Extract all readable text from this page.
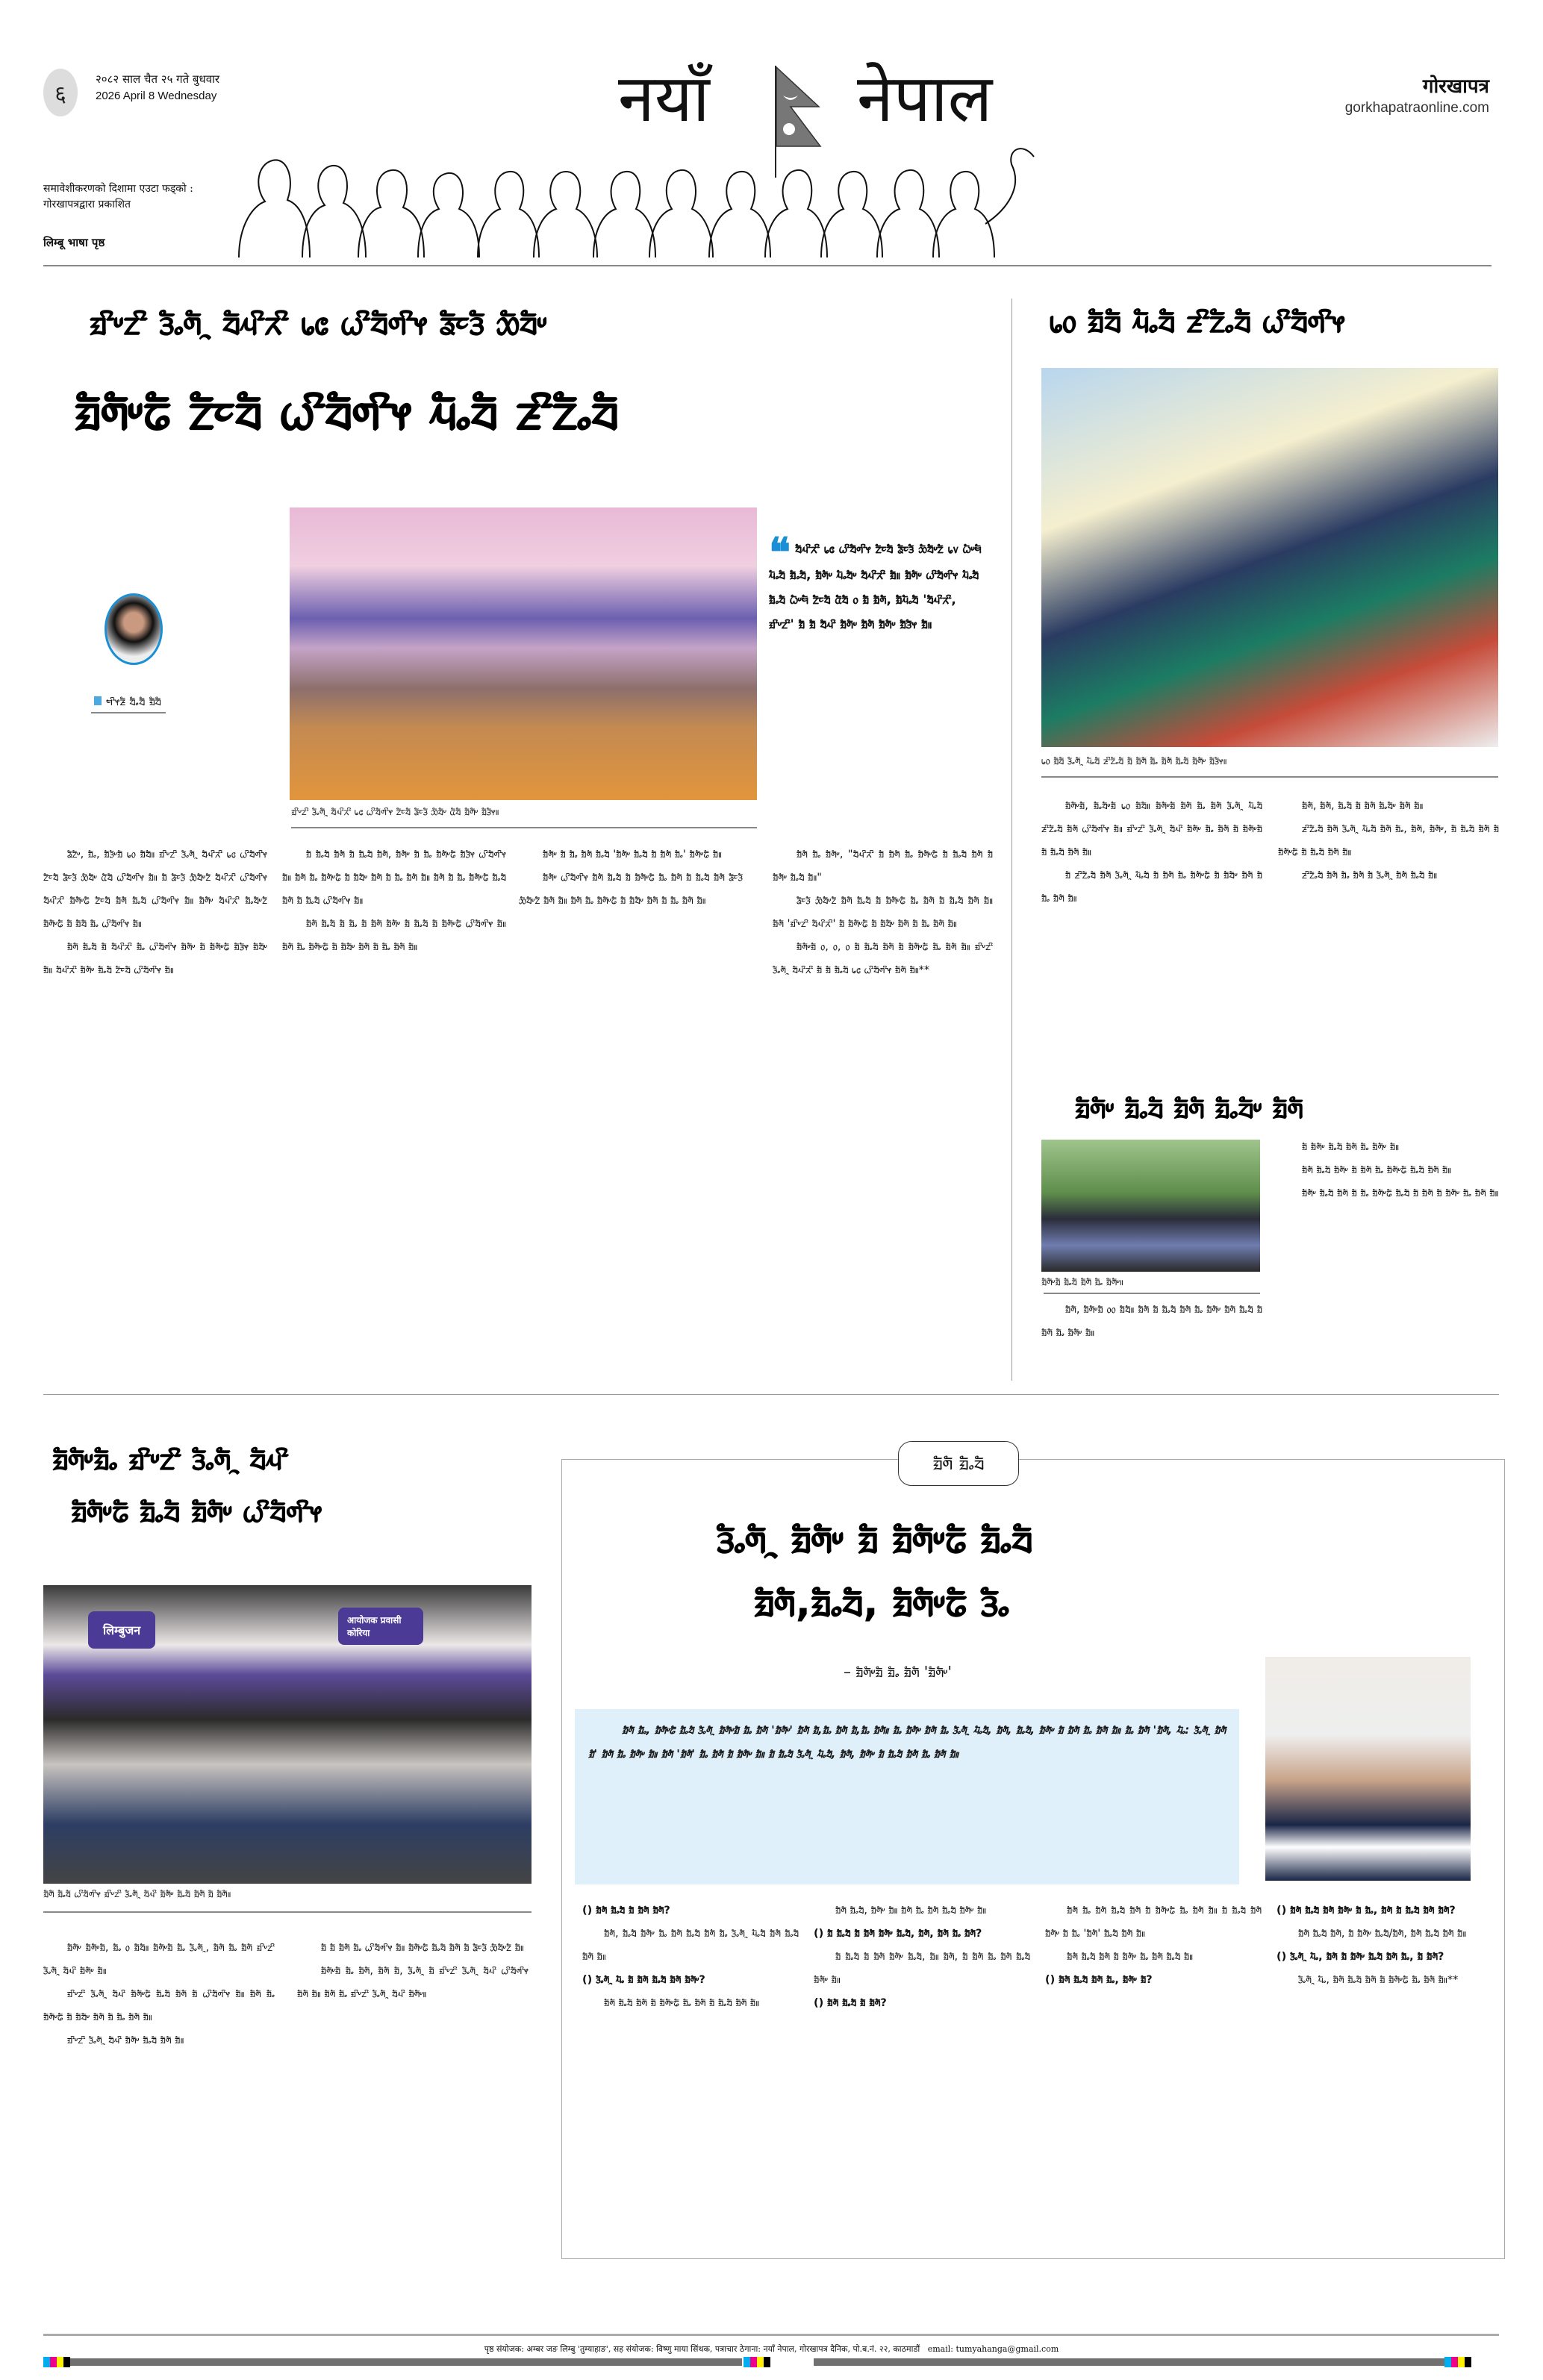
६
२०८२ साल चैत २५ गते बुधवार
2026 April 8 Wednesday
समावेशीकरणको दिशामा एउटा फड्को :
गोरखापत्रद्वारा प्रकाशित
लिम्बू भाषा पृष्ठ
नयाँ नेपाल	गोरखापत्र
gorkhapatraonline.com
ᤀᤡᤸᤁᤡ ᤋᤠᤱᤛᤠᤳ ᤔᤠᤘᤡᤖᤡ ᥇᥋ ᤐᤡᤔᤠᤛᤡᤶ ᤕᤠᤰᤋᤠ ᤑᤠᤔᤠᤸ
ᤀᤠᤛᤠᤸᤒᤠ ᤁᤠᤰᤔᤠ ᤐᤡᤔᤠᤛᤡᤶ ᤘᤠᤱᤔᤠ ᤏᤡᤁᤠᤱᤔᤠ
ᤗᤡᤶᤏᤠ ᤔᤠᤱᤔᤠ ᤀᤠᤔᤠ
ᤀᤡᤸᤁᤡ ᤋᤠᤱᤛᤠᤳ ᤔᤠᤘᤡᤖᤡ ᥇᥋ ᤐᤡᤔᤠᤛᤡᤶ ᤁᤠᤰᤔᤠ ᤕᤠᤰᤋᤠ ᤑᤠᤔᤠᤸ ᤂᤠᤔᤠ ᤀᤠᤛᤠᤸ ᤀᤠᤋᤠᤶ॥
❝ ᤔᤠᤘᤡᤖᤡ ᥇᥋ ᤐᤡᤔᤠᤛᤡᤶ ᤁᤠᤰᤔᤠ ᤕᤠᤰᤋᤠ ᤑᤠᤔᤠᤸᤁᤠ ᥇᥎ ᤐᤠᤸᤗᤠ ᤘᤠᤱᤔᤠ ᤀᤠᤱᤔᤠ, ᤀᤠᤛᤠᤸ ᤘᤠᤱᤔᤠᤸ ᤔᤠᤘᤡᤖᤡ ᤀᤠ॥ ᤀᤠᤛᤠᤸ ᤐᤡᤔᤠᤛᤡᤶ ᤘᤠᤱᤔᤠ ᤀᤠᤱᤔᤠ ᤐᤠᤸᤗᤠ ᤁᤠᤰᤔᤠ ᤂᤠᤔᤠ ᥆ ᤀᤠ ᤀᤠᤛᤠ, ᤀᤠᤘᤠᤱᤔᤠ 'ᤔᤠᤘᤡᤖᤡ, ᤀᤡᤸᤁᤡ' ᤀᤠ ᤀᤠ ᤔᤠᤘᤡ ᤀᤠᤛᤠᤸ ᤀᤠᤛᤠ ᤀᤠᤛᤠᤸ ᤀᤠᤋᤠᤶ ᤀᤠ॥

ᤕᤠᤁᤠᤸ, ᤀᤠᤱ, ᤀᤠᤋᤠᤸᤀᤠ ᥇᥆ ᤀᤠᤔᤠ॥ ᤀᤡᤸᤁᤡ ᤋᤠᤱᤛᤠᤳ ᤔᤠᤘᤡᤖᤡ ᥇᥋ ᤐᤡᤔᤠᤛᤡᤶ ᤁᤠᤰᤔᤠ ᤕᤠᤰᤋᤠ ᤑᤠᤔᤠᤸ ᤂᤠᤔᤠ ᤐᤡᤔᤠᤛᤡᤶ ᤀᤠ॥ ᤀᤠ ᤕᤠᤰᤋᤠ ᤑᤠᤔᤠᤸᤁᤠ ᤔᤠᤘᤡᤖᤡ ᤐᤡᤔᤠᤛᤡᤶ ᤔᤠᤘᤡᤖᤡ ᤀᤠᤛᤠᤸᤒᤠ ᤁᤠᤰᤔᤠ ᤀᤠᤛᤠ ᤀᤠᤱᤔᤠ ᤐᤡᤔᤠᤛᤡᤶ ᤀᤠ॥ ᤀᤠᤛᤠᤸ ᤔᤠᤘᤡᤖᤡ ᤀᤠᤱᤔᤠᤸᤁᤠ ᤀᤠᤛᤠᤸᤒᤠ ᤀᤠ ᤀᤠᤔᤠ ᤀᤠᤱ ᤐᤡᤔᤠᤛᤡᤶ ᤀᤠ॥

ᤀᤠᤛᤠ ᤀᤠᤱᤔᤠ ᤀᤠ ᤔᤠᤘᤡᤖᤡ ᤀᤠᤱ ᤐᤡᤔᤠᤛᤡᤶ ᤀᤠᤛᤠᤸ ᤀᤠ ᤀᤠᤛᤠᤸᤒᤠ ᤀᤠᤋᤠᤶ ᤀᤠᤔᤠᤸ ᤀᤠ॥ ᤔᤠᤘᤡᤖᤡ ᤀᤠᤛᤠᤸ ᤀᤠᤱᤔᤠ ᤁᤠᤰᤔᤠ ᤐᤡᤔᤠᤛᤡᤶ ᤀᤠ॥

ᤀᤠ ᤀᤠᤱᤔᤠ ᤀᤠᤛᤠ ᤀᤠ ᤀᤠᤱᤔᤠ ᤀᤠᤛᤠ, ᤀᤠᤛᤠᤸ ᤀᤠ ᤀᤠᤱ ᤀᤠᤛᤠᤸᤒᤠ ᤀᤠᤋᤠᤶ ᤐᤡᤔᤠᤛᤡᤶ ᤀᤠ॥ ᤀᤠᤛᤠ ᤀᤠᤱ ᤀᤠᤛᤠᤸᤒᤠ ᤀᤠ ᤀᤠᤔᤠᤸ ᤀᤠᤛᤠ ᤀᤠ ᤀᤠᤱ ᤀᤠᤛᤠ ᤀᤠ॥ ᤀᤠᤛᤠ ᤀᤠ ᤀᤠᤱ ᤀᤠᤛᤠᤸᤒᤠ ᤀᤠᤱᤔᤠ ᤀᤠᤛᤠ ᤀᤠ ᤀᤠᤱᤔᤠ ᤐᤡᤔᤠᤛᤡᤶ ᤀᤠ॥

ᤀᤠᤛᤠ ᤀᤠᤱᤔᤠ ᤀᤠ ᤀᤠᤱ ᤀᤠ ᤀᤠᤛᤠ ᤀᤠᤛᤠᤸ ᤀᤠ ᤀᤠᤱᤔᤠ ᤀᤠ ᤀᤠᤛᤠᤸᤒᤠ ᤐᤡᤔᤠᤛᤡᤶ ᤀᤠ॥ ᤀᤠᤛᤠ ᤀᤠᤱ ᤀᤠᤛᤠᤸᤒᤠ ᤀᤠ ᤀᤠᤔᤠᤸ ᤀᤠᤛᤠ ᤀᤠ ᤀᤠᤱ ᤀᤠᤛᤠ ᤀᤠ॥

ᤀᤠᤛᤠᤸ ᤀᤠ ᤀᤠᤱ ᤀᤠᤛᤠ ᤀᤠᤱᤔᤠ 'ᤀᤠᤛᤠᤸ ᤀᤠᤱᤔᤠ ᤀᤠ ᤀᤠᤛᤠ ᤀᤠᤱ' ᤀᤠᤛᤠᤸᤒᤠ ᤀᤠ॥

ᤀᤠᤛᤠᤸ ᤐᤡᤔᤠᤛᤡᤶ ᤀᤠᤛᤠ ᤀᤠᤱᤔᤠ ᤀᤠ ᤀᤠᤛᤠᤸᤒᤠ ᤀᤠᤱ ᤀᤠᤛᤠ ᤀᤠ ᤀᤠᤱᤔᤠ ᤀᤠᤛᤠ ᤕᤠᤰᤋᤠ ᤑᤠᤔᤠᤸᤁᤠ ᤀᤠᤛᤠ ᤀᤠ॥ ᤀᤠᤛᤠ ᤀᤠᤱ ᤀᤠᤛᤠᤸᤒᤠ ᤀᤠ ᤀᤠᤔᤠᤸ ᤀᤠᤛᤠ ᤀᤠ ᤀᤠᤱ ᤀᤠᤛᤠ ᤀᤠ॥

ᤀᤠᤛᤠ ᤀᤠᤱ ᤀᤠᤛᤠᤸ, "ᤔᤠᤘᤡᤖᤡ ᤀᤠ ᤀᤠᤛᤠ ᤀᤠᤱ ᤀᤠᤛᤠᤸᤒᤠ ᤀᤠ ᤀᤠᤱᤔᤠ ᤀᤠᤛᤠ ᤀᤠ ᤀᤠᤛᤠᤸ ᤀᤠᤱᤔᤠ ᤀᤠ॥"

ᤕᤠᤰᤋᤠ ᤑᤠᤔᤠᤸᤁᤠ ᤀᤠᤛᤠ ᤀᤠᤱᤔᤠ ᤀᤠ ᤀᤠᤛᤠᤸᤒᤠ ᤀᤠᤱ ᤀᤠᤛᤠ ᤀᤠ ᤀᤠᤱᤔᤠ ᤀᤠᤛᤠ ᤀᤠ॥ ᤀᤠᤛᤠ 'ᤀᤡᤸᤁᤡ ᤔᤠᤘᤡᤖᤡ' ᤀᤠ ᤀᤠᤛᤠᤸᤒᤠ ᤀᤠ ᤀᤠᤔᤠᤸ ᤀᤠᤛᤠ ᤀᤠ ᤀᤠᤱ ᤀᤠᤛᤠ ᤀᤠ॥

ᤀᤠᤛᤠᤸᤀᤠ ᥆, ᥆, ᥆ ᤀᤠ ᤀᤠᤱᤔᤠ ᤀᤠᤛᤠ ᤀᤠ ᤀᤠᤛᤠᤸᤒᤠ ᤀᤠᤱ ᤀᤠᤛᤠ ᤀᤠ॥ ᤀᤡᤸᤁᤡ ᤋᤠᤱᤛᤠᤳ ᤔᤠᤘᤡᤖᤡ ᤀᤠ ᤀᤠ ᤀᤠᤱᤔᤠ ᥇᥋ ᤐᤡᤔᤠᤛᤡᤶ ᤀᤠᤛᤠ ᤀᤠ॥**

᥇᥆ ᤀᤠᤔᤠ ᤘᤠᤱᤔᤠ ᤏᤡᤁᤠᤱᤔᤠ ᤐᤡᤔᤠᤛᤡᤶ
᥇᥆ ᤀᤠᤔᤠ ᤋᤠᤱᤛᤠᤳ ᤘᤠᤱᤔᤠ ᤏᤡᤁᤠᤱᤔᤠ ᤀᤠ ᤀᤠᤛᤠ ᤀᤠᤱ ᤀᤠᤛᤠ ᤀᤠᤱᤔᤠ ᤀᤠᤛᤠᤸ ᤀᤠᤋᤠᤶ॥

ᤀᤠᤛᤠᤸᤀᤠ, ᤀᤠᤱᤔᤠᤸᤀᤠ ᥇᥆ ᤀᤠᤔᤠ॥ ᤀᤠᤛᤠᤸᤀᤠ ᤀᤠᤛᤠ ᤀᤠᤱ ᤀᤠᤛᤠ ᤋᤠᤱᤛᤠᤳ ᤘᤠᤱᤔᤠ ᤏᤡᤁᤠᤱᤔᤠ ᤀᤠᤛᤠ ᤐᤡᤔᤠᤛᤡᤶ ᤀᤠ॥ ᤀᤡᤸᤁᤡ ᤋᤠᤱᤛᤠᤳ ᤔᤠᤘᤡ ᤀᤠᤛᤠᤸ ᤀᤠᤱ ᤀᤠᤛᤠ ᤀᤠ ᤀᤠᤛᤠᤸᤀᤠ ᤀᤠ ᤀᤠᤱᤔᤠ ᤀᤠᤛᤠ ᤀᤠ॥

ᤀᤠ ᤏᤡᤁᤠᤱᤔᤠ ᤀᤠᤛᤠ ᤋᤠᤱᤛᤠᤳ ᤘᤠᤱᤔᤠ ᤀᤠ ᤀᤠᤛᤠ ᤀᤠᤱ ᤀᤠᤛᤠᤸᤒᤠ ᤀᤠ ᤀᤠᤔᤠᤸ ᤀᤠᤛᤠ ᤀᤠ ᤀᤠᤱ ᤀᤠᤛᤠ ᤀᤠ॥

ᤀᤠᤛᤠ, ᤀᤠᤛᤠ, ᤀᤠᤱᤔᤠ ᤀᤠ ᤀᤠᤛᤠ ᤀᤠᤱᤔᤠᤸ ᤀᤠᤛᤠ ᤀᤠ॥

ᤏᤡᤁᤠᤱᤔᤠ ᤀᤠᤛᤠ ᤋᤠᤱᤛᤠᤳ ᤘᤠᤱᤔᤠ ᤀᤠᤛᤠ ᤀᤠᤱ, ᤀᤠᤛᤠ, ᤀᤠᤛᤠᤸ, ᤀᤠ ᤀᤠᤱᤔᤠ ᤀᤠᤛᤠ ᤀᤠ ᤀᤠᤛᤠᤸᤒᤠ ᤀᤠ ᤀᤠᤱᤔᤠ ᤀᤠᤛᤠ ᤀᤠ॥

ᤏᤡᤁᤠᤱᤔᤠ ᤀᤠᤛᤠ ᤀᤠᤱ ᤀᤠᤛᤠ ᤀᤠ ᤋᤠᤱᤛᤠᤳ ᤀᤠᤛᤠ ᤀᤠᤱᤔᤠ ᤀᤠ॥

ᤀᤠᤛᤠᤸ ᤀᤠᤱᤔᤠ ᤀᤠᤛᤠ ᤀᤠᤱᤔᤠᤸ ᤀᤠᤛᤠ
ᤀᤠᤛᤠᤸᤀᤠ ᤀᤠᤱᤔᤠ ᤀᤠᤛᤠ ᤀᤠᤱ ᤀᤠᤛᤠᤸ॥

ᤀᤠᤛᤠ, ᤀᤠᤛᤠᤸᤀᤠ ᥆᥆ ᤀᤠᤔᤠ॥ ᤀᤠᤛᤠ ᤀᤠ ᤀᤠᤱᤔᤠ ᤀᤠᤛᤠ ᤀᤠᤱ ᤀᤠᤛᤠᤸ ᤀᤠᤛᤠ ᤀᤠᤱᤔᤠ ᤀᤠ ᤀᤠᤛᤠ ᤀᤠᤱ ᤀᤠᤛᤠᤸ ᤀᤠ॥

ᤀᤠ ᤀᤠᤛᤠᤸ ᤀᤠᤱᤔᤠ ᤀᤠᤛᤠ ᤀᤠᤱ ᤀᤠᤛᤠᤸ ᤀᤠ॥

ᤀᤠᤛᤠ ᤀᤠᤱᤔᤠ ᤀᤠᤛᤠᤸ ᤀᤠ ᤀᤠᤛᤠ ᤀᤠᤱ ᤀᤠᤛᤠᤸᤒᤠ ᤀᤠᤱᤔᤠ ᤀᤠᤛᤠ ᤀᤠ॥

ᤀᤠᤛᤠᤸ ᤀᤠᤱᤔᤠ ᤀᤠᤛᤠ ᤀᤠ ᤀᤠᤱ ᤀᤠᤛᤠᤸᤒᤠ ᤀᤠᤱᤔᤠ ᤀᤠ ᤀᤠᤛᤠ ᤀᤠ ᤀᤠᤛᤠᤸ ᤀᤠᤱ ᤀᤠᤛᤠ ᤀᤠ॥

ᤀᤠᤛᤠᤸᤀᤠᤱ ᤀᤡᤸᤁᤡ ᤋᤠᤱᤛᤠᤳ ᤔᤠᤘᤡ
ᤀᤠᤛᤠᤸᤒᤠ ᤀᤠᤱᤔᤠ ᤀᤠᤛᤠᤸ ᤐᤡᤔᤠᤛᤡᤶ
लिम्बुजन
आयोजक प्रवासी कोरिया
ᤀᤠᤛᤠ ᤀᤠᤱᤔᤠ ᤐᤡᤔᤠᤛᤡᤶ ᤀᤡᤸᤁᤡ ᤋᤠᤱᤛᤠᤳ ᤔᤠᤘᤡ ᤀᤠᤛᤠᤸ ᤀᤠᤱᤔᤠ ᤀᤠᤛᤠ ᤀᤠ ᤀᤠᤛᤠ॥

ᤀᤠᤛᤠᤸ ᤀᤠᤛᤠᤸᤀᤠ, ᤀᤠᤱ ᥆ ᤀᤠᤔᤠ॥ ᤀᤠᤛᤠᤸᤀᤠ ᤀᤠᤱ ᤋᤠᤱᤛᤠᤳ, ᤀᤠᤛᤠ ᤀᤠᤱ ᤀᤠᤛᤠ ᤀᤡᤸᤁᤡ ᤋᤠᤱᤛᤠᤳ ᤔᤠᤘᤡ ᤀᤠᤛᤠᤸ ᤀᤠ॥

ᤀᤡᤸᤁᤡ ᤋᤠᤱᤛᤠᤳ ᤔᤠᤘᤡ ᤀᤠᤛᤠᤸᤒᤠ ᤀᤠᤱᤔᤠ ᤀᤠᤛᤠ ᤀᤠ ᤐᤡᤔᤠᤛᤡᤶ ᤀᤠ॥ ᤀᤠᤛᤠ ᤀᤠᤱ ᤀᤠᤛᤠᤸᤒᤠ ᤀᤠ ᤀᤠᤔᤠᤸ ᤀᤠᤛᤠ ᤀᤠ ᤀᤠᤱ ᤀᤠᤛᤠ ᤀᤠ॥

ᤀᤡᤸᤁᤡ ᤋᤠᤱᤛᤠᤳ ᤔᤠᤘᤡ ᤀᤠᤛᤠᤸ ᤀᤠᤱᤔᤠ ᤀᤠᤛᤠ ᤀᤠ॥

ᤀᤠ ᤀᤠ ᤀᤠᤛᤠ ᤀᤠᤱ ᤐᤡᤔᤠᤛᤡᤶ ᤀᤠ॥ ᤀᤠᤛᤠᤸᤒᤠ ᤀᤠᤱᤔᤠ ᤀᤠᤛᤠ ᤀᤠ ᤕᤠᤰᤋᤠ ᤑᤠᤔᤠᤸᤁᤠ ᤀᤠ॥

ᤀᤠᤛᤠᤸᤀᤠ ᤀᤠᤱ ᤀᤠᤛᤠ, ᤀᤠᤛᤠ ᤀᤠ, ᤋᤠᤱᤛᤠᤳ ᤀᤠ ᤀᤡᤸᤁᤡ ᤋᤠᤱᤛᤠᤳ ᤔᤠᤘᤡ ᤐᤡᤔᤠᤛᤡᤶ ᤀᤠᤛᤠ ᤀᤠ॥ ᤀᤠᤛᤠ ᤀᤠᤱ ᤀᤡᤸᤁᤡ ᤋᤠᤱᤛᤠᤳ ᤔᤠᤘᤡ ᤀᤠᤛᤠᤸ॥

ᤀᤠᤛᤠ ᤀᤠᤱᤔᤠ
ᤋᤠᤱᤛᤠᤳ ᤀᤠᤛᤠᤸ ᤀᤠ ᤀᤠᤛᤠᤸᤒᤠ ᤀᤠᤱᤔᤠ
ᤀᤠᤛᤠ,ᤀᤠᤱᤔᤠ, ᤀᤠᤛᤠᤸᤒᤠ ᤋᤠᤱ
– ᤀᤠᤛᤠᤸᤀᤠ ᤀᤠᤱ ᤀᤠᤛᤠ 'ᤀᤠᤛᤠᤸ'

ᤀᤠᤛᤠ ᤀᤠᤱ, ᤀᤠᤛᤠᤸᤒᤠ ᤀᤠᤱᤔᤠ ᤋᤠᤱᤛᤠᤳ ᤀᤠᤛᤠᤸᤀᤠ ᤀᤠᤱ ᤀᤠᤛᤠ 'ᤀᤠᤛᤠᤸ' ᤀᤠᤛᤠ ᤀᤠ,ᤀᤠᤱ ᤀᤠᤛᤠ ᤀᤠ,ᤀᤠᤱ ᤀᤠᤛᤠ॥ ᤀᤠᤱ ᤀᤠᤛᤠᤸ ᤀᤠᤛᤠ ᤀᤠᤱ ᤋᤠᤱᤛᤠᤳ ᤘᤠᤱᤔᤠ, ᤀᤠᤛᤠ, ᤀᤠᤱᤔᤠ, ᤀᤠᤛᤠᤸ ᤀᤠ ᤀᤠᤛᤠ ᤀᤠᤱ ᤀᤠᤛᤠ ᤀᤠ॥ ᤀᤠᤱ ᤀᤠᤛᤠ 'ᤀᤠᤛᤠ, ᤘᤠᤱ: ᤋᤠᤱᤛᤠᤳ ᤀᤠᤛᤠ ᤀᤠ' ᤀᤠᤛᤠ ᤀᤠᤱ ᤀᤠᤛᤠᤸ ᤀᤠ॥ ᤀᤠᤛᤠ 'ᤀᤠᤛᤠ' ᤀᤠᤱ ᤀᤠᤛᤠ ᤀᤠ ᤀᤠᤛᤠᤸ ᤀᤠ॥ ᤀᤠ ᤀᤠᤱᤔᤠ ᤋᤠᤱᤛᤠᤳ ᤘᤠᤱᤔᤠ, ᤀᤠᤛᤠ, ᤀᤠᤛᤠᤸ ᤀᤠ ᤀᤠᤱᤔᤠ ᤀᤠᤛᤠ ᤀᤠᤱ ᤀᤠᤛᤠ ᤀᤠ॥

() ᤀᤠᤛᤠ ᤀᤠᤱᤔᤠ ᤀᤠ ᤀᤠᤛᤠ ᤀᤠᤛᤠ?

ᤀᤠᤛᤠ, ᤀᤠᤱᤔᤠ ᤀᤠᤛᤠᤸ ᤀᤠᤱ ᤀᤠᤛᤠ ᤀᤠᤱᤔᤠ ᤀᤠᤛᤠ ᤀᤠᤱ ᤋᤠᤱᤛᤠᤳ ᤘᤠᤱᤔᤠ ᤀᤠᤛᤠ ᤀᤠᤱᤔᤠ ᤀᤠᤛᤠ ᤀᤠ॥

() ᤋᤠᤱᤛᤠᤳ ᤘᤠᤱ ᤀᤠ ᤀᤠᤛᤠ ᤀᤠᤱᤔᤠ ᤀᤠᤛᤠ ᤀᤠᤛᤠᤸ?

ᤀᤠᤛᤠ ᤀᤠᤱᤔᤠ ᤀᤠᤛᤠ ᤀᤠ ᤀᤠᤛᤠᤸᤒᤠ ᤀᤠᤱ ᤀᤠᤛᤠ ᤀᤠ ᤀᤠᤱᤔᤠ ᤀᤠᤛᤠ ᤀᤠ॥

ᤀᤠᤛᤠ ᤀᤠᤱᤔᤠ, ᤀᤠᤛᤠᤸ ᤀᤠ॥ ᤀᤠᤛᤠ ᤀᤠᤱ ᤀᤠᤛᤠ ᤀᤠᤱᤔᤠ ᤀᤠᤛᤠᤸ ᤀᤠ॥

() ᤀᤠ ᤀᤠᤱᤔᤠ ᤀᤠ ᤀᤠᤛᤠ ᤀᤠᤛᤠᤸ ᤀᤠᤱᤔᤠ, ᤀᤠᤛᤠ, ᤀᤠᤛᤠ ᤀᤠᤱ ᤀᤠᤛᤠ?

ᤀᤠ ᤀᤠᤱᤔᤠ ᤀᤠ ᤀᤠᤛᤠ ᤀᤠᤛᤠᤸ ᤀᤠᤱᤔᤠ, ᤀᤠ॥ ᤀᤠᤛᤠ, ᤀᤠ ᤀᤠᤛᤠ ᤀᤠᤱ ᤀᤠᤛᤠ ᤀᤠᤱᤔᤠ ᤀᤠᤛᤠᤸ ᤀᤠ॥

() ᤀᤠᤛᤠ ᤀᤠᤱᤔᤠ ᤀᤠ ᤀᤠᤛᤠ?

ᤀᤠᤛᤠ ᤀᤠᤱ ᤀᤠᤛᤠ ᤀᤠᤱᤔᤠ ᤀᤠᤛᤠ ᤀᤠ ᤀᤠᤛᤠᤸᤒᤠ ᤀᤠᤱ ᤀᤠᤛᤠ ᤀᤠ॥ ᤀᤠ ᤀᤠᤱᤔᤠ ᤀᤠᤛᤠ ᤀᤠᤛᤠᤸ ᤀᤠ ᤀᤠᤱ 'ᤀᤠᤛᤠ' ᤀᤠᤱᤔᤠ ᤀᤠᤛᤠ ᤀᤠ॥

ᤀᤠᤛᤠ ᤀᤠᤱᤔᤠ ᤀᤠᤛᤠ ᤀᤠ ᤀᤠᤛᤠᤸ ᤀᤠᤱ ᤀᤠᤛᤠ ᤀᤠᤱᤔᤠ ᤀᤠ॥

() ᤀᤠᤛᤠ ᤀᤠᤱᤔᤠ ᤀᤠᤛᤠ ᤀᤠᤱ, ᤀᤠᤛᤠᤸ ᤀᤠ?

() ᤀᤠᤛᤠ ᤀᤠᤱᤔᤠ ᤀᤠᤛᤠ ᤀᤠᤛᤠᤸ ᤀᤠ ᤀᤠᤱ, ᤀᤠᤛᤠ ᤀᤠ ᤀᤠᤱᤔᤠ ᤀᤠᤛᤠ ᤀᤠᤛᤠ?

ᤀᤠᤛᤠ ᤀᤠᤱᤔᤠ ᤀᤠᤛᤠ, ᤀᤠ ᤀᤠᤛᤠᤸ ᤀᤠᤱᤔᤠ/ᤀᤠᤛᤠ, ᤀᤠᤛᤠ ᤀᤠᤱᤔᤠ ᤀᤠᤛᤠ ᤀᤠ॥

() ᤋᤠᤱᤛᤠᤳ ᤘᤠᤱ, ᤀᤠᤛᤠ ᤀᤠ ᤀᤠᤛᤠᤸ ᤀᤠᤱᤔᤠ ᤀᤠᤛᤠ ᤀᤠᤱ, ᤀᤠ ᤀᤠᤛᤠ?

ᤋᤠᤱᤛᤠᤳ ᤘᤠᤱ, ᤀᤠᤛᤠ ᤀᤠᤱᤔᤠ ᤀᤠᤛᤠ ᤀᤠ ᤀᤠᤛᤠᤸᤒᤠ ᤀᤠᤱ ᤀᤠᤛᤠ ᤀᤠ॥**

पृष्ठ संयोजक: अम्बर जङ लिम्बु 'तुम्याहाङ', सह संयोजक: विष्णु माया सिंथक, पत्राचार ठेगाना: नयाँ नेपाल, गोरखापत्र दैनिक, पो.ब.नं. २२, काठमाडौं email: tumyahanga@gmail.com
